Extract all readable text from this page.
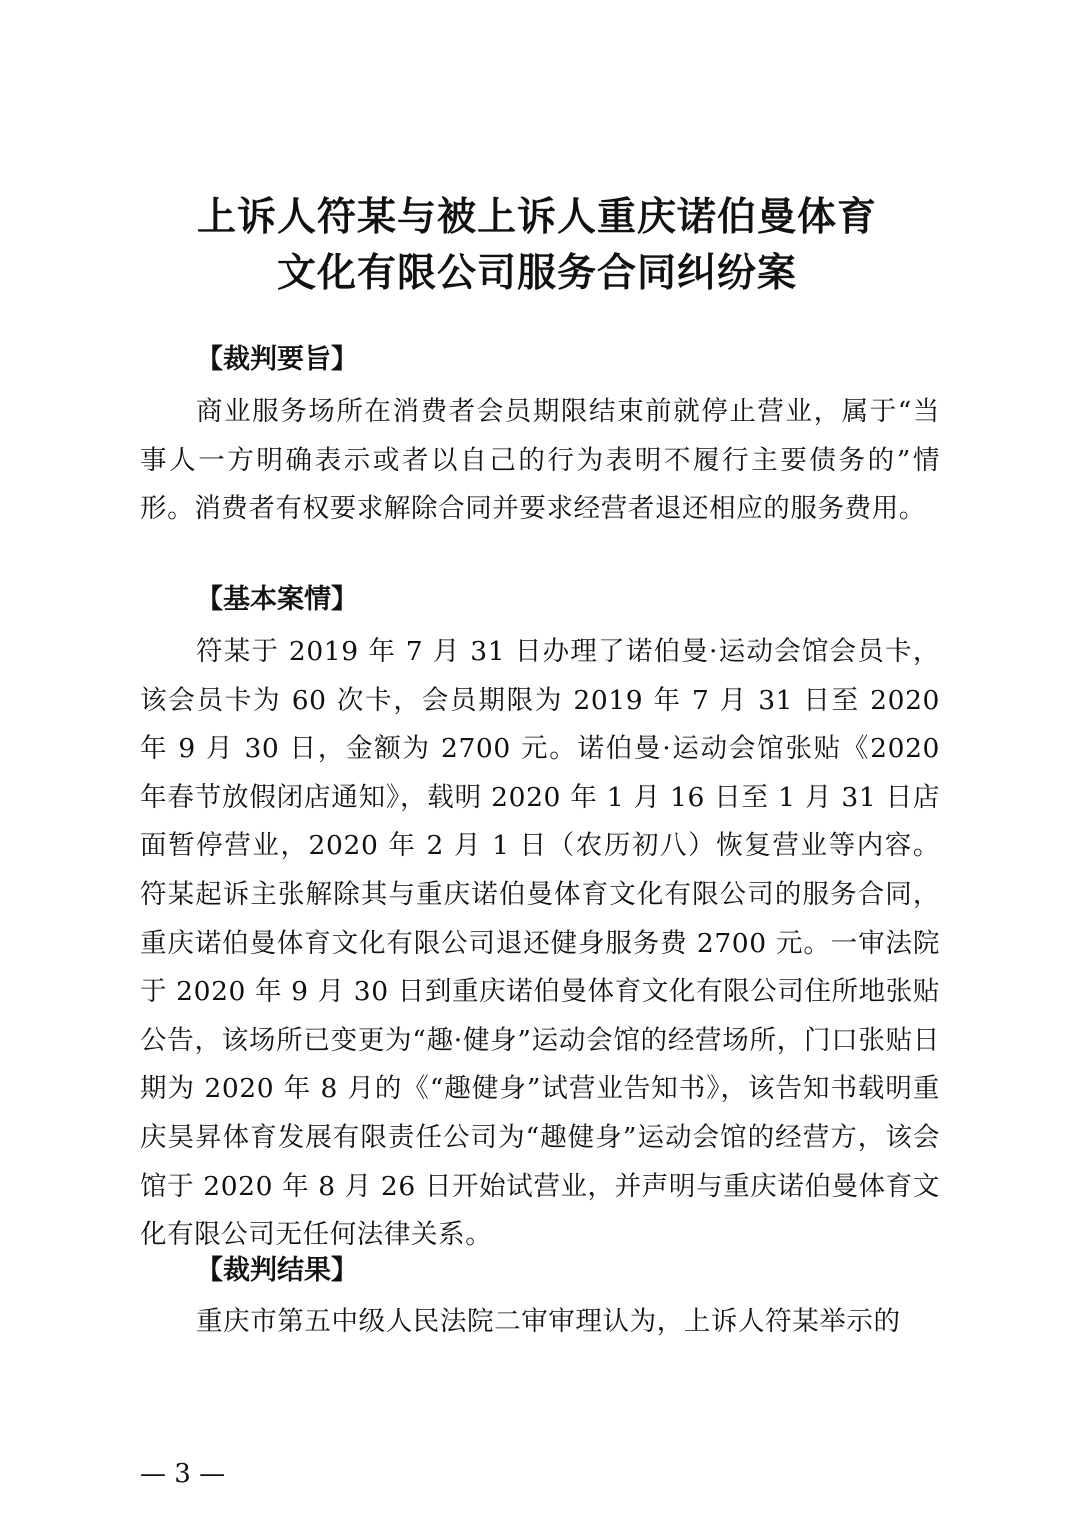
上诉人符某与被上诉人重庆诺伯曼体育
文化有限公司服务合同纠纷案
【裁判要旨】
商业服务场所在消费者会员期限结束前就停止营业，属于“当事人一方明确表示或者以自己的行为表明不履行主要债务的”情形。消费者有权要求解除合同并要求经营者退还相应的服务费用。
【基本案情】
符某于 2019 年 7 月 31 日办理了诺伯曼·运动会馆会员卡，该会员卡为 60 次卡，会员期限为 2019 年 7 月 31 日至 2020 年 9 月 30 日，金额为 2700 元。诺伯曼·运动会馆张贴《2020 年春节放假闭店通知》，载明 2020 年 1 月 16 日至 1 月 31 日店面暂停营业，2020 年 2 月 1 日（农历初八）恢复营业等内容。符某起诉主张解除其与重庆诺伯曼体育文化有限公司的服务合同，重庆诺伯曼体育文化有限公司退还健身服务费 2700 元。一审法院于 2020 年 9 月 30 日到重庆诺伯曼体育文化有限公司住所地张贴公告，该场所已变更为“趣·健身”运动会馆的经营场所，门口张贴日期为 2020 年 8 月的《“趣健身”试营业告知书》，该告知书载明重庆昊昇体育发展有限责任公司为“趣健身”运动会馆的经营方，该会馆于 2020 年 8 月 26 日开始试营业，并声明与重庆诺伯曼体育文化有限公司无任何法律关系。
【裁判结果】
重庆市第五中级人民法院二审审理认为，上诉人符某举示的
— 3 —
